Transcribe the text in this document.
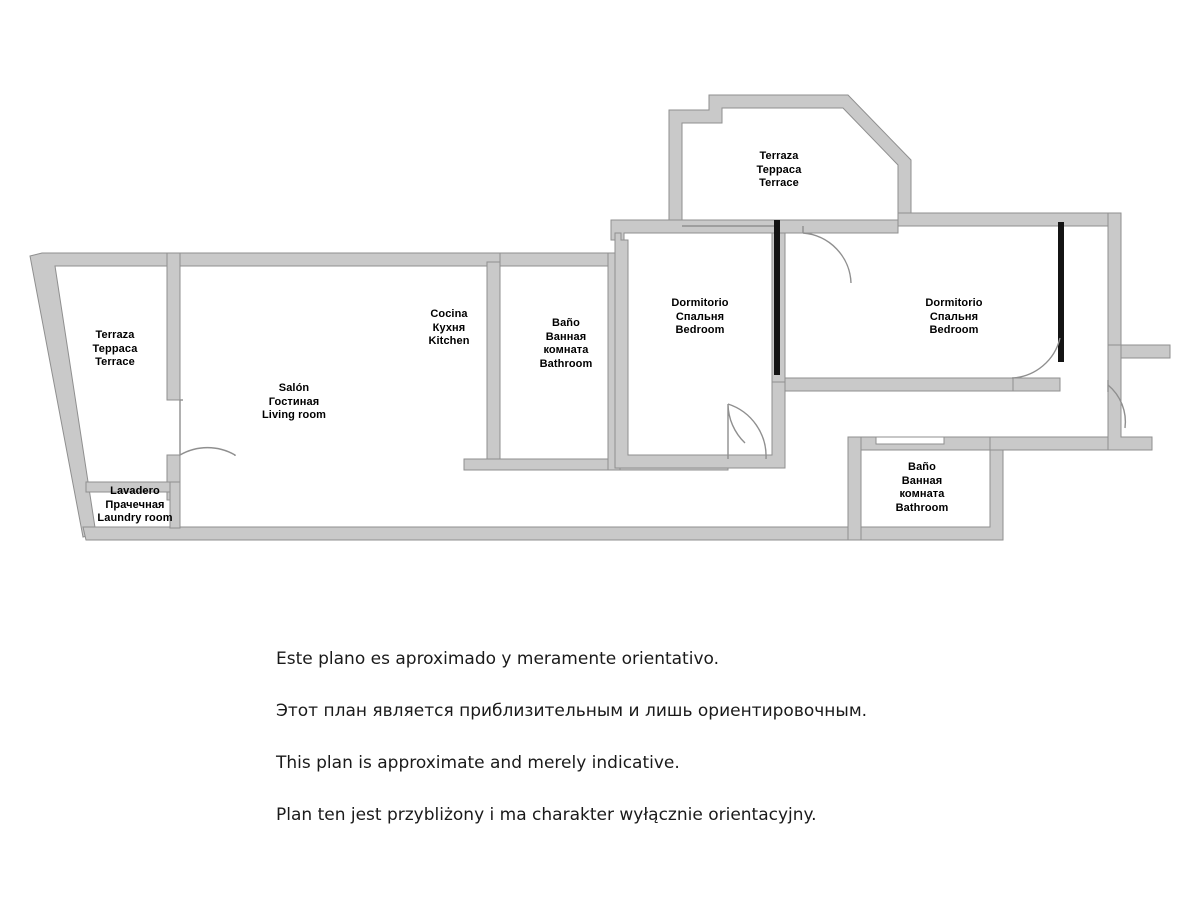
Terraza
Терраса
Terrace
Terraza
Терраса
Terrace
Salón
Гостиная
Living room
Cocina
Кухня
Kitchen
Baño
Ванная
комната
Bathroom
Dormitorio
Спальня
Bedroom
Dormitorio
Спальня
Bedroom
Baño
Ванная
комната
Bathroom
Lavadero
Прачечная
Laundry room
Este plano es aproximado y meramente orientativo.
Этот план является приблизительным и лишь ориентировочным.
This plan is approximate and merely indicative.
Plan ten jest przybliżony i ma charakter wyłącznie orientacyjny.
